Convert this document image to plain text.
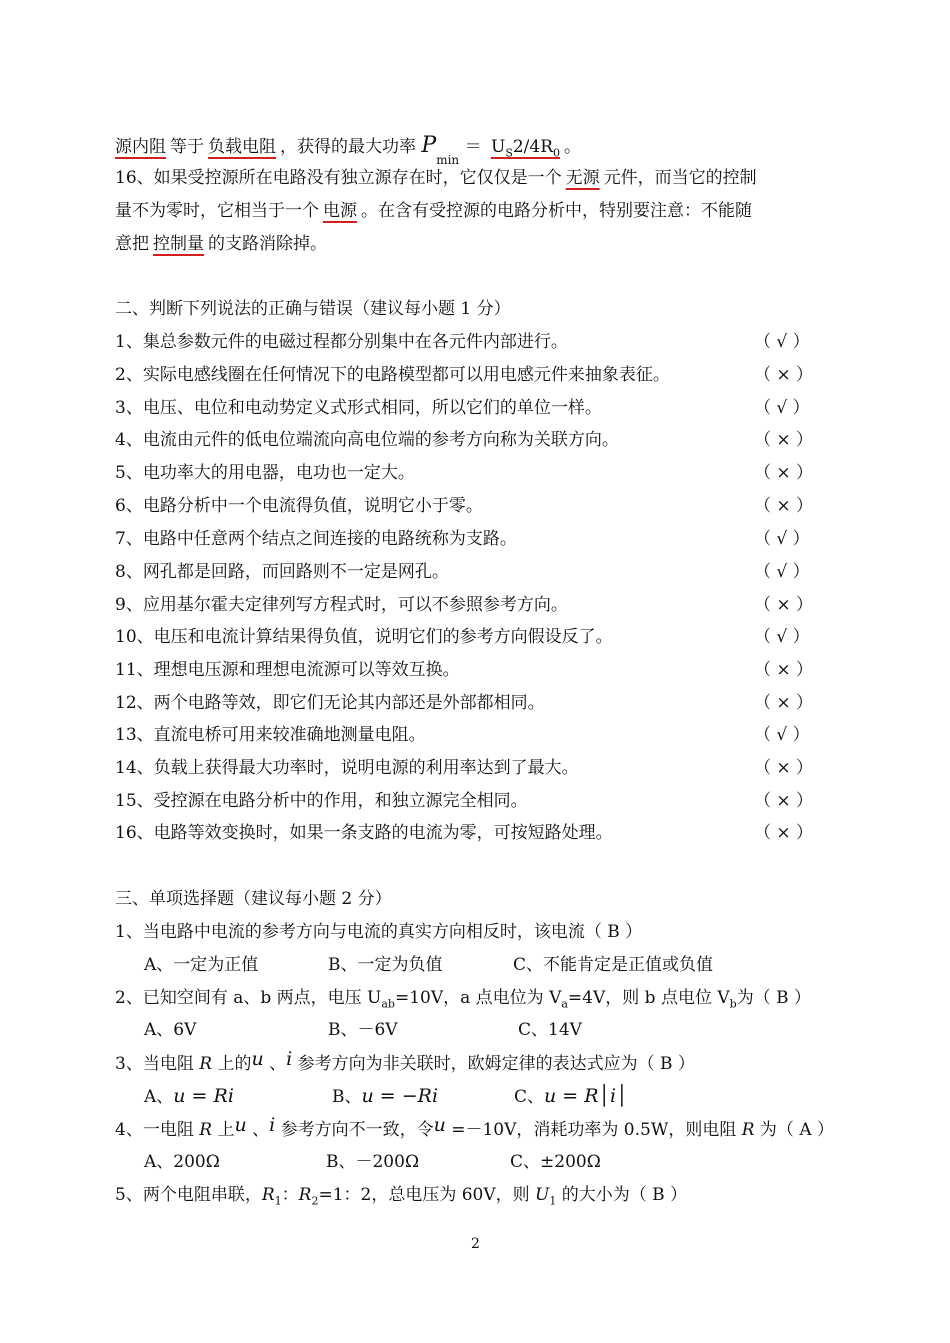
源内阻 等于 负载电阻 ，获得的最大功率 $P_{min} = U_S2/4R_0$ 。
16、如果受控源所在电路没有独立源存在时，它仅仅是一个 无源 元件，而当它的控制
量不为零时，它相当于一个 电源 。在含有受控源的电路分析中，特别要注意：不能随
意把 控制量 的支路消除掉。
二、判断下列说法的正确与错误（建议每小题 1 分）
1、集总参数元件的电磁过程都分别集中在各元件内部进行。	（ √ ）
2、实际电感线圈在任何情况下的电路模型都可以用电感元件来抽象表征。	（ × ）
3、电压、电位和电动势定义式形式相同，所以它们的单位一样。	（ √ ）
4、电流由元件的低电位端流向高电位端的参考方向称为关联方向。	（ × ）
5、电功率大的用电器，电功也一定大。	（ × ）
6、电路分析中一个电流得负值，说明它小于零。	（ × ）
7、电路中任意两个结点之间连接的电路统称为支路。	（ √ ）
8、网孔都是回路，而回路则不一定是网孔。	（ √ ）
9、应用基尔霍夫定律列写方程式时，可以不参照参考方向。	（ × ）
10、电压和电流计算结果得负值，说明它们的参考方向假设反了。	（ √ ）
11、理想电压源和理想电流源可以等效互换。	（ × ）
12、两个电路等效，即它们无论其内部还是外部都相同。	（ × ）
13、直流电桥可用来较准确地测量电阻。	（ √ ）
14、负载上获得最大功率时，说明电源的利用率达到了最大。	（ × ）
15、受控源在电路分析中的作用，和独立源完全相同。	（ × ）
16、电路等效变换时，如果一条支路的电流为零，可按短路处理。	（ × ）
三、单项选择题（建议每小题 2 分）
1、当电路中电流的参考方向与电流的真实方向相反时，该电流（ B ）
A、一定为正值	B、一定为负值	C、不能肯定是正值或负值
2、已知空间有 a、b 两点，电压 $U_{ab}=10V$，a 点电位为 $V_a=4V$，则 b 点电位 $V_b$为（ B ）
A、6V	B、－6V	C、14V
3、当电阻 R 上的u 、i 参考方向为非关联时，欧姆定律的表达式应为（ B ）
A、u = Ri	B、u = −Ri	C、u = R│i│
4、一电阻 R 上u 、i 参考方向不一致，令u =－10V，消耗功率为 0.5W，则电阻 R 为（ A ）
A、200Ω	B、－200Ω	C、±200Ω
5、两个电阻串联，$R_1$：$R_2=1$：2，总电压为 60V，则 $U_1$ 的大小为（ B ）
2
